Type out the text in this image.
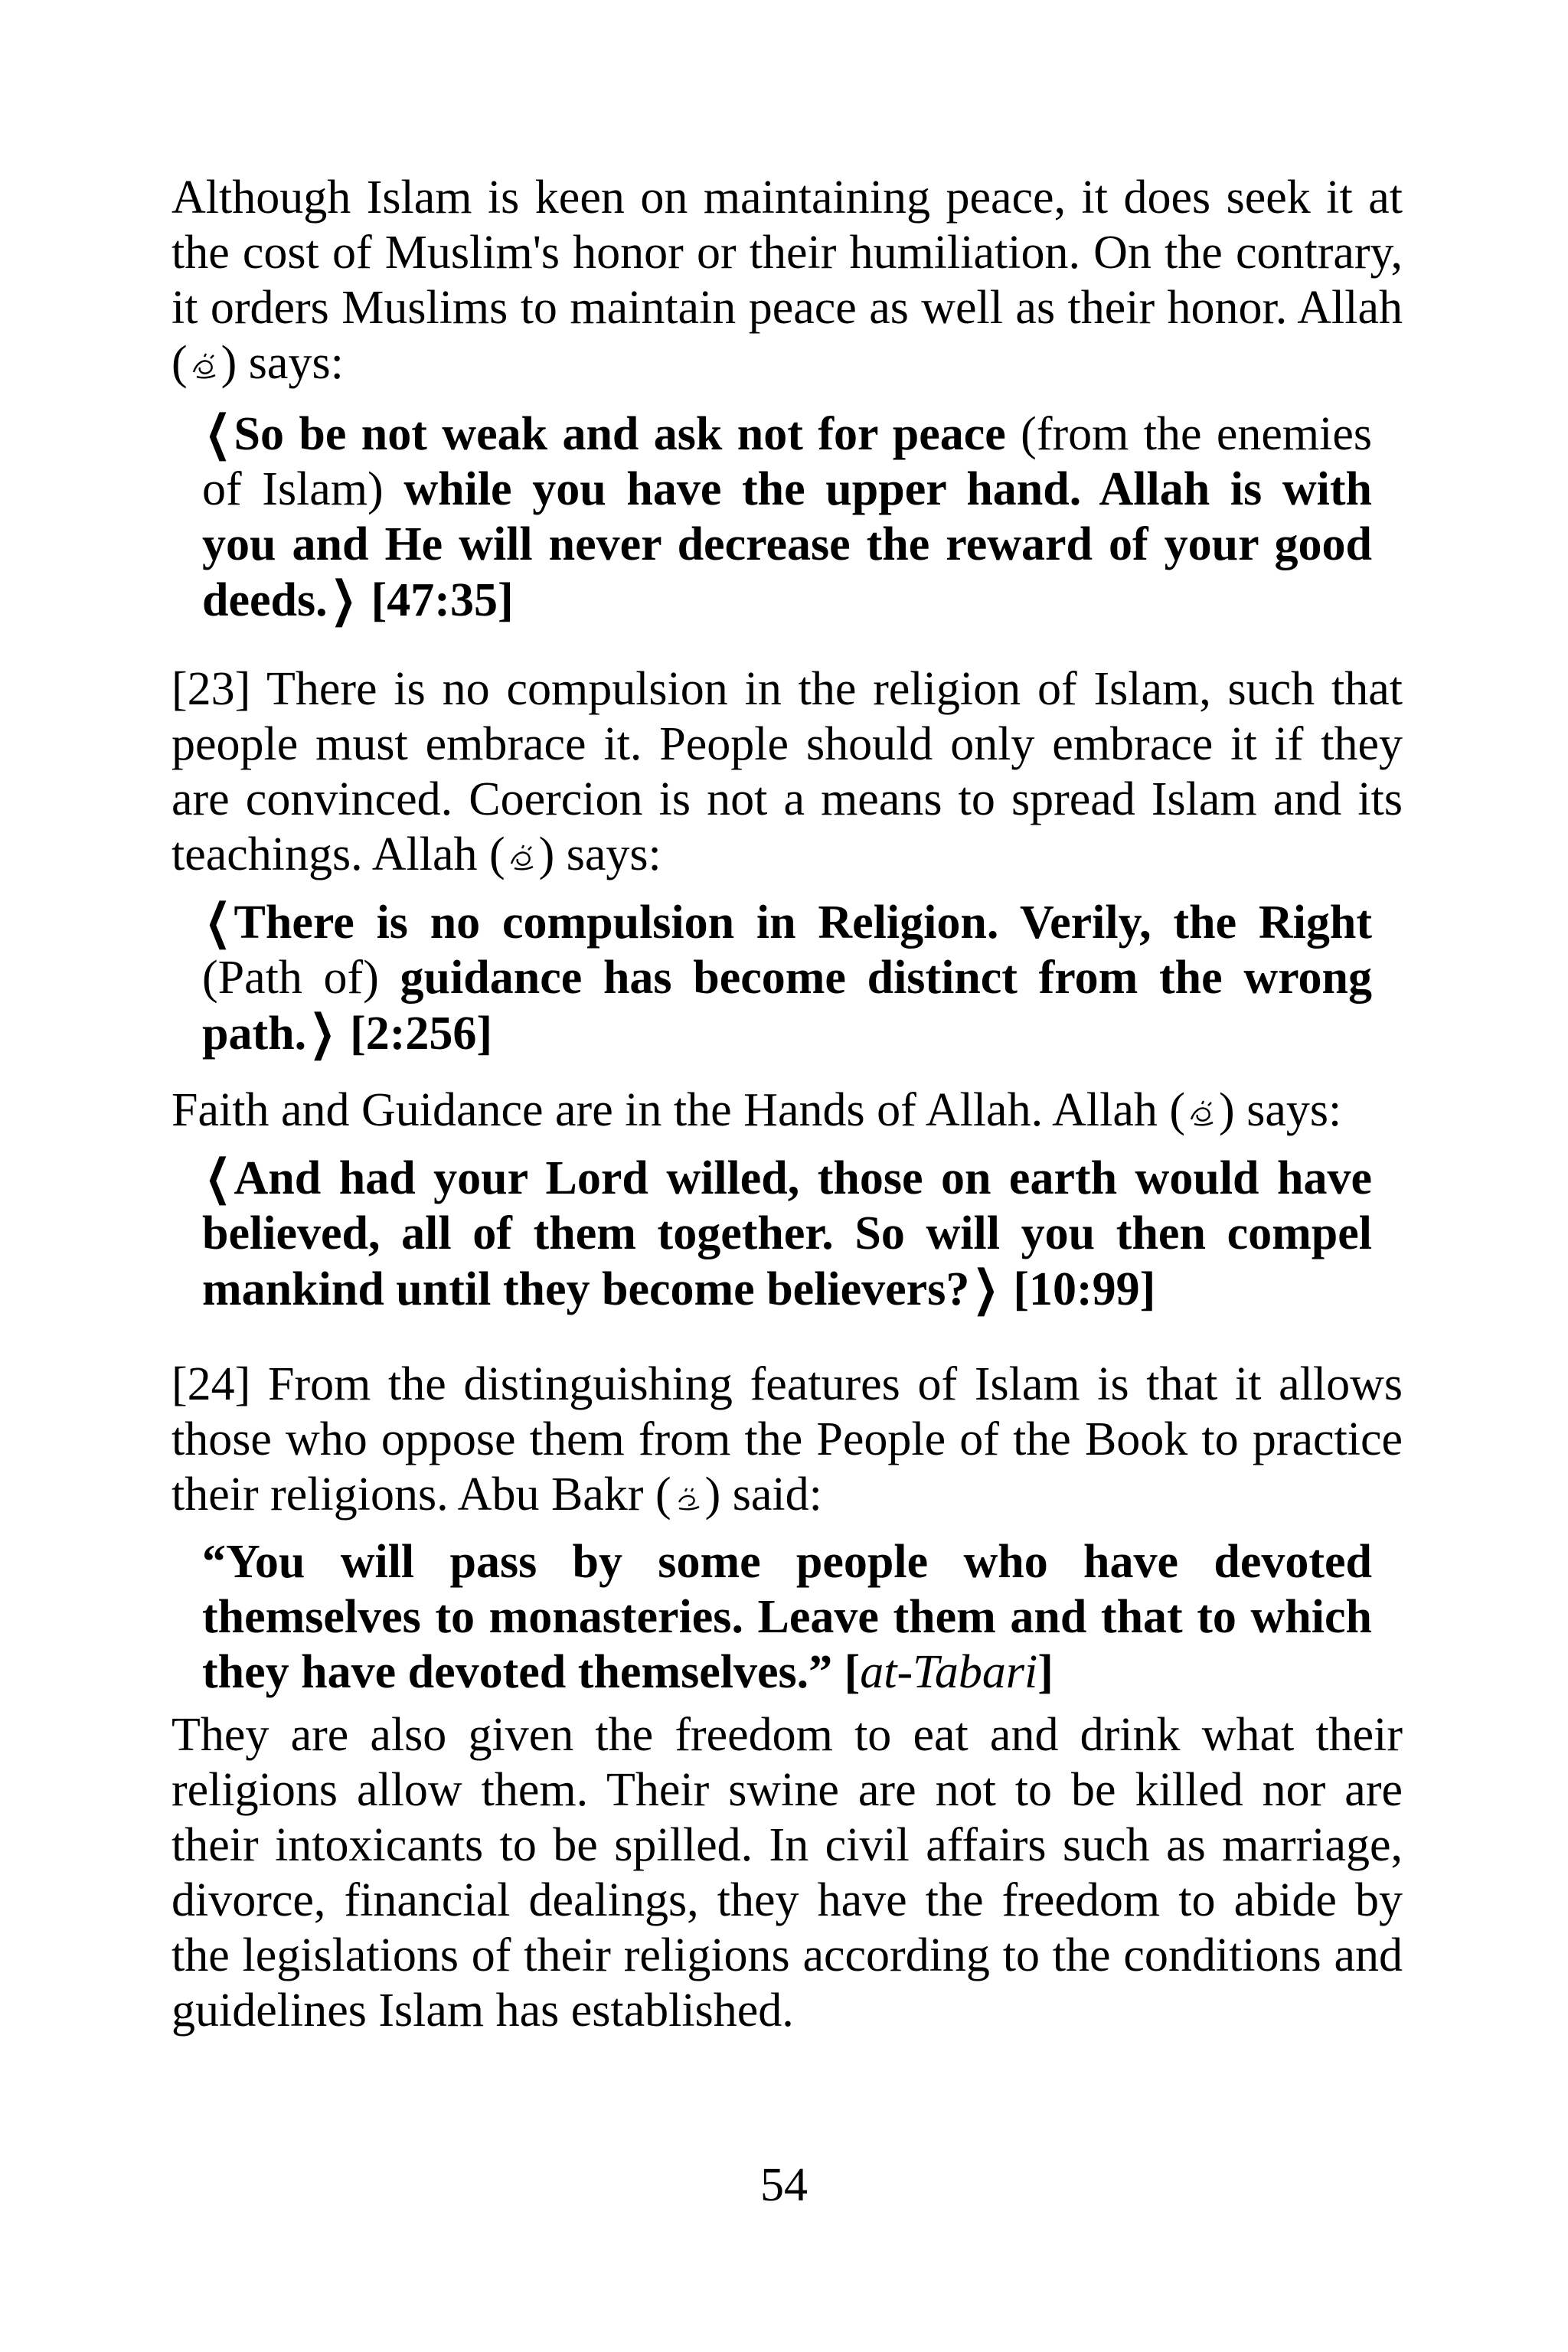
Although Islam is keen on maintaining peace, it does seek it at the cost of Muslim's honor or their humiliation. On the contrary, it orders Muslims to maintain peace as well as their honor. Allah ( ) says:

❮So be not weak and ask not for peace (from the enemies of Islam) while you have the upper hand. Allah is with you and He will never decrease the reward of your good deeds. ❯ [47:35]

[23] There is no compulsion in the religion of Islam, such that people must embrace it. People should only embrace it if they are convinced. Coercion is not a means to spread Islam and its teachings. Allah ( ) says:

❮There is no compulsion in Religion. Verily, the Right (Path of) guidance has become distinct from the wrong path. ❯ [2:256]

Faith and Guidance are in the Hands of Allah. Allah ( ) says:

❮And had your Lord willed, those on earth would have believed, all of them together. So will you then compel mankind until they become believers? ❯ [10:99]

[24] From the distinguishing features of Islam is that it allows those who oppose them from the People of the Book to practice their religions. Abu Bakr ( ) said:

“You will pass by some people who have devoted themselves to monasteries. Leave them and that to which they have devoted themselves.” [at-Tabari]

They are also given the freedom to eat and drink what their religions allow them. Their swine are not to be killed nor are their intoxicants to be spilled. In civil affairs such as marriage, divorce, financial dealings, they have the freedom to abide by the legislations of their religions according to the conditions and guidelines Islam has established.

54
